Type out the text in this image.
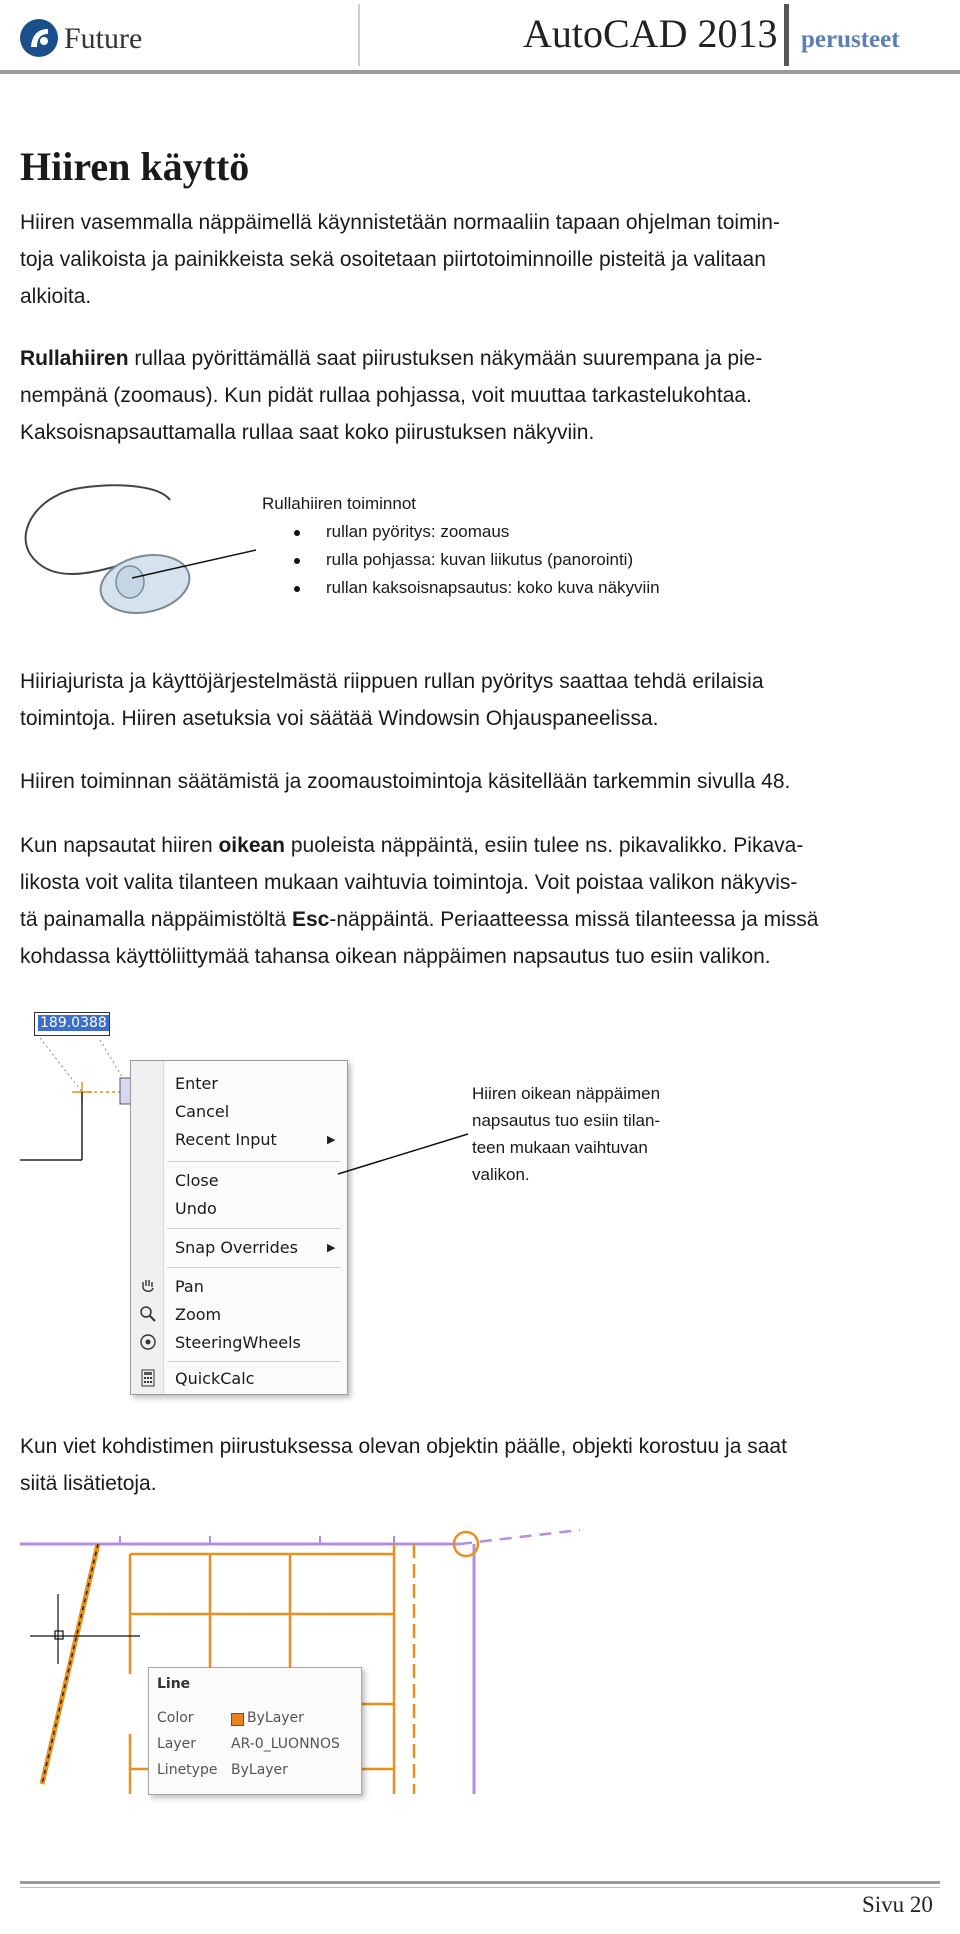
Future	AutoCAD 2013 perusteet
Hiiren käyttö
Hiiren vasemmalla näppäimellä käynnistetään normaaliin tapaan ohjelman toimin-
toja valikoista ja painikkeista sekä osoitetaan piirtotoiminnoille pisteitä ja valitaan
alkioita.
Rullahiiren rullaa pyörittämällä saat piirustuksen näkymään suurempana ja pie-
nempänä (zoomaus). Kun pidät rullaa pohjassa, voit muuttaa tarkastelukohtaa.
Kaksoisnapsauttamalla rullaa saat koko piirustuksen näkyviin.
Rullahiiren toiminnot
rullan pyöritys: zoomaus
rulla pohjassa: kuvan liikutus (panorointi)
rullan kaksoisnapsautus: koko kuva näkyviin
Hiiriajurista ja käyttöjärjestelmästä riippuen rullan pyöritys saattaa tehdä erilaisia
toimintoja. Hiiren asetuksia voi säätää Windowsin Ohjauspaneelissa.
Hiiren toiminnan säätämistä ja zoomaustoimintoja käsitellään tarkemmin sivulla 48.
Kun napsautat hiiren oikean puoleista näppäintä, esiin tulee ns. pikavalikko. Pikava-
likosta voit valita tilanteen mukaan vaihtuvia toimintoja. Voit poistaa valikon näkyvis-
tä painamalla näppäimistöltä Esc-näppäintä. Periaatteessa missä tilanteessa ja missä
kohdassa käyttöliittymää tahansa oikean näppäimen napsautus tuo esiin valikon.
189.0388
Enter
Cancel
Recent Input	▶
Close
Undo
Snap Overrides	▶
Pan
Zoom
SteeringWheels
QuickCalc
Hiiren oikean näppäimen
napsautus tuo esiin tilan-
teen mukaan vaihtuvan
valikon.
Kun viet kohdistimen piirustuksessa olevan objektin päälle, objekti korostuu ja saat
siitä lisätietoja.
Line
Color	ByLayer
Layer AR-0_LUONNOS
Linetype ByLayer
Sivu 20
